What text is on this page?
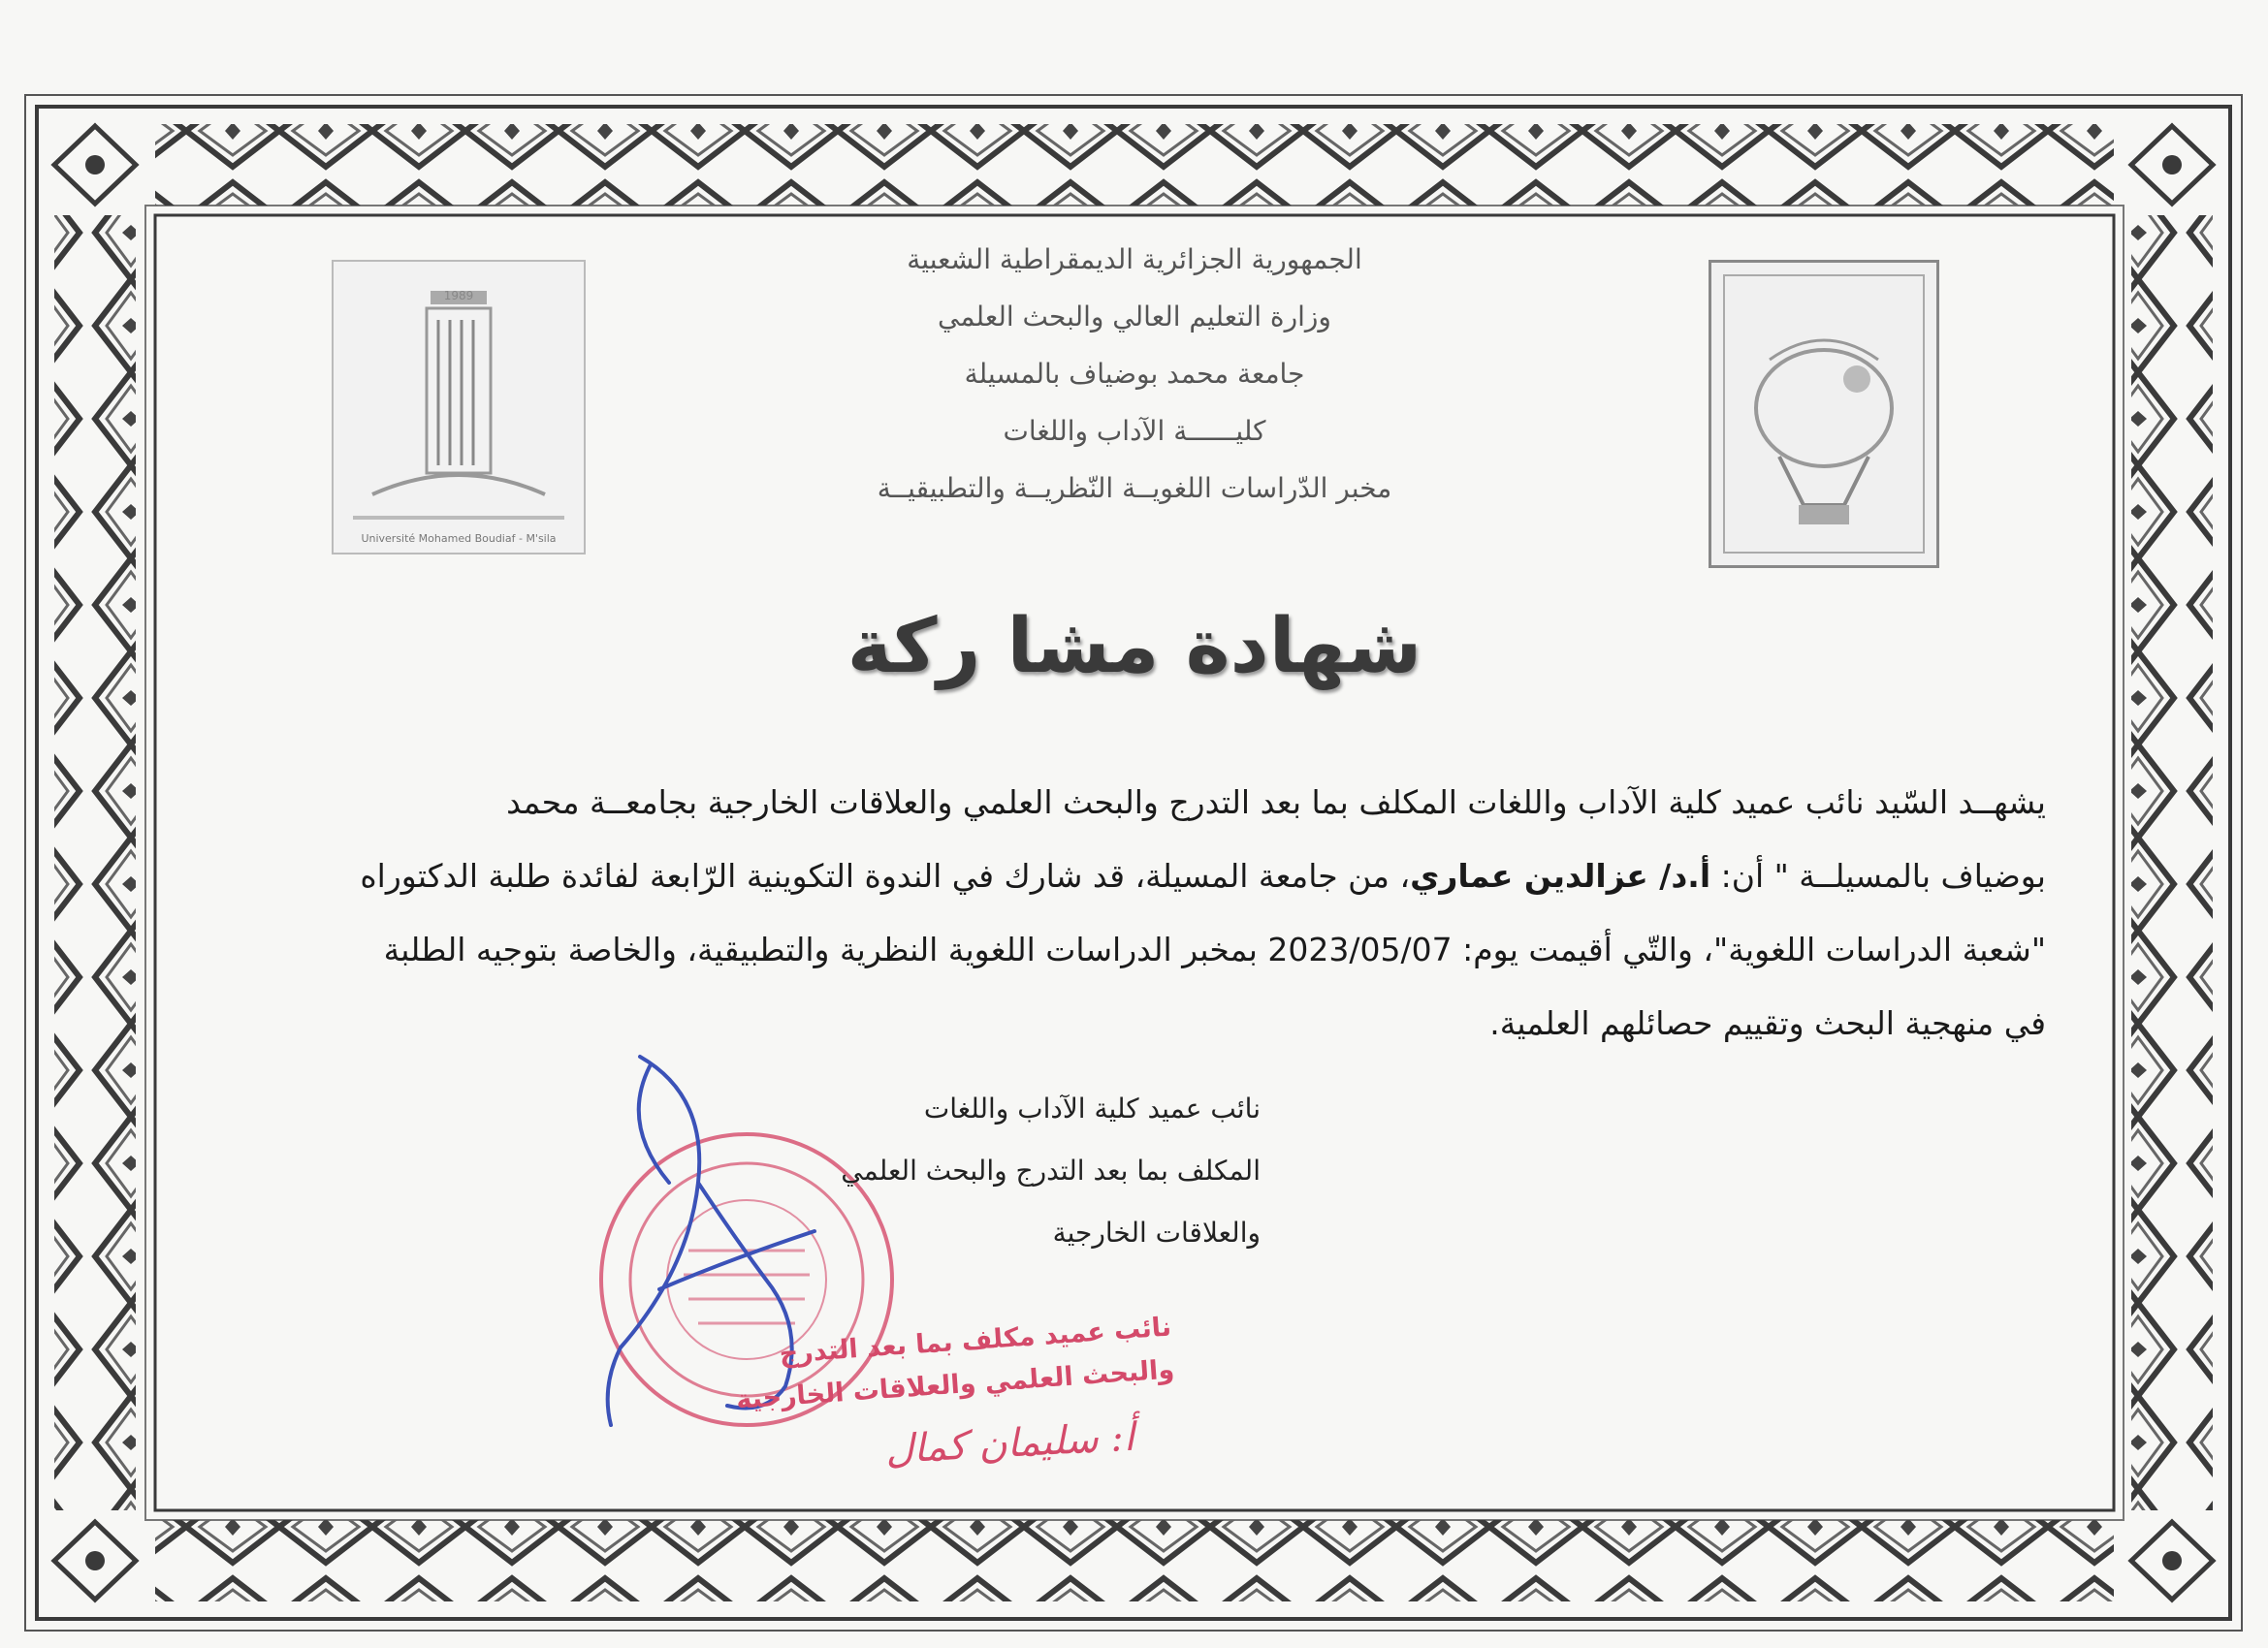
1989
Université Mohamed Boudiaf - M'sila
الجمهورية الجزائرية الديمقراطية الشعبية
وزارة التعليم العالي والبحث العلمي
جامعة محمد بوضياف بالمسيلة
كليــــــة الآداب واللغات
مخبر الدّراسات اللغويــة النّظريــة والتطبيقيــة
شهادة مشا ركة

يشهــد السّيد نائب عميد كلية الآداب واللغات المكلف بما بعد التدرج والبحث العلمي والعلاقات الخارجية بجامعــة محمد

بوضياف بالمسيلــة " أن: أ.د/ عزالدين عماري، من جامعة المسيلة، قد شارك في الندوة التكوينية الرّابعة لفائدة طلبة الدكتوراه

"شعبة الدراسات اللغوية"، والتّي أقيمت يوم: 2023/05/07 بمخبر الدراسات اللغوية النظرية والتطبيقية، والخاصة بتوجيه الطلبة

في منهجية البحث وتقييم حصائلهم العلمية.

نائب عميد كلية الآداب واللغات
المكلف بما بعد التدرج والبحث العلمي
والعلاقات الخارجية
نائب عميد مكلف بما بعد التدرج
والبحث العلمي والعلاقات الخارجية
أ: سليمان كمال
